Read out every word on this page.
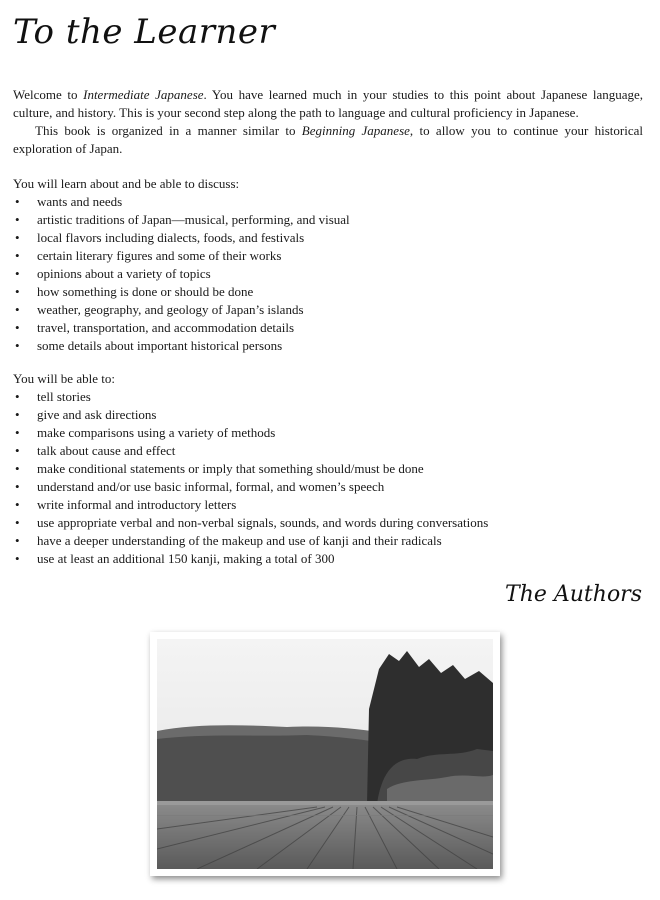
To the Learner

Welcome to Intermediate Japanese. You have learned much in your studies to this point about Japanese language, culture, and history. This is your second step along the path to language and cultural proficiency in Japanese.

This book is organized in a manner similar to Beginning Japanese, to allow you to continue your historical exploration of Japan.

You will learn about and be able to discuss:

• wants and needs
• artistic traditions of Japan—musical, performing, and visual
• local flavors including dialects, foods, and festivals
• certain literary figures and some of their works
• opinions about a variety of topics
• how something is done or should be done
• weather, geography, and geology of Japan’s islands
• travel, transportation, and accommodation details
• some details about important historical persons

You will be able to:

• tell stories
• give and ask directions
• make comparisons using a variety of methods
• talk about cause and effect
• make conditional statements or imply that something should/must be done
• understand and/or use basic informal, formal, and women’s speech
• write informal and introductory letters
• use appropriate verbal and non-verbal signals, sounds, and words during conversations
• have a deeper understanding of the makeup and use of kanji and their radicals
• use at least an additional 150 kanji, making a total of 300
The Authors
